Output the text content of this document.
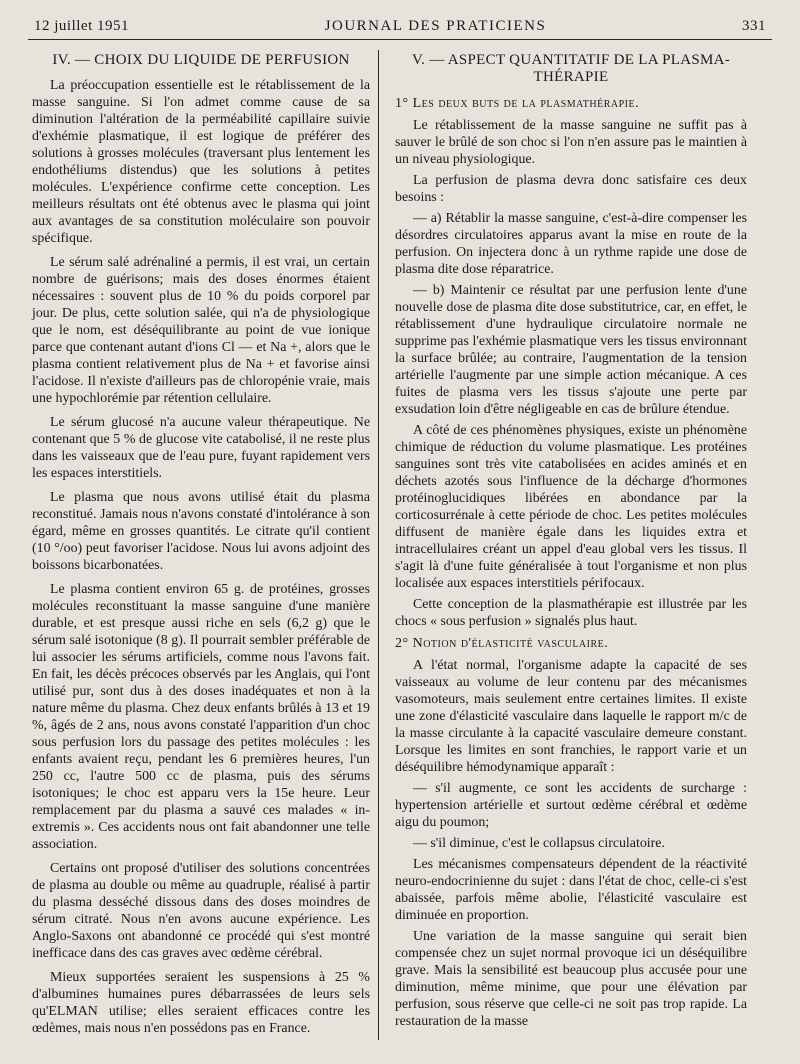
12 juillet 1951	JOURNAL DES PRATICIENS	331
IV. — CHOIX DU LIQUIDE DE PERFUSION

La préoccupation essentielle est le rétablissement de la masse sanguine. Si l'on admet comme cause de sa diminution l'altération de la perméabilité capillaire suivie d'exhémie plasmatique, il est logique de préférer des solutions à grosses molécules (traversant plus lentement les endothéliums distendus) que les solutions à petites molécules. L'expérience confirme cette conception. Les meilleurs résultats ont été obtenus avec le plasma qui joint aux avantages de sa constitution moléculaire son pouvoir spécifique.

Le sérum salé adrénaliné a permis, il est vrai, un certain nombre de guérisons; mais des doses énormes étaient nécessaires : souvent plus de 10 % du poids corporel par jour. De plus, cette solution salée, qui n'a de physiologique que le nom, est déséquilibrante au point de vue ionique parce que contenant autant d'ions Cl — et Na +, alors que le plasma contient relativement plus de Na + et favorise ainsi l'acidose. Il n'existe d'ailleurs pas de chloropénie vraie, mais une hypochlorémie par rétention cellulaire.

Le sérum glucosé n'a aucune valeur thérapeutique. Ne contenant que 5 % de glucose vite catabolisé, il ne reste plus dans les vaisseaux que de l'eau pure, fuyant rapidement vers les espaces interstitiels.

Le plasma que nous avons utilisé était du plasma reconstitué. Jamais nous n'avons constaté d'intolérance à son égard, même en grosses quantités. Le citrate qu'il contient (10 °/oo) peut favoriser l'acidose. Nous lui avons adjoint des boissons bicarbonatées.

Le plasma contient environ 65 g. de protéines, grosses molécules reconstituant la masse sanguine d'une manière durable, et est presque aussi riche en sels (6,2 g) que le sérum salé isotonique (8 g). Il pourrait sembler préférable de lui associer les sérums artificiels, comme nous l'avons fait. En fait, les décès précoces observés par les Anglais, qui l'ont utilisé pur, sont dus à des doses inadéquates et non à la nature même du plasma. Chez deux enfants brûlés à 13 et 19 %, âgés de 2 ans, nous avons constaté l'apparition d'un choc sous perfusion lors du passage des petites molécules : les enfants avaient reçu, pendant les 6 premières heures, l'un 250 cc, l'autre 500 cc de plasma, puis des sérums isotoniques; le choc est apparu vers la 15e heure. Leur remplacement par du plasma a sauvé ces malades « in-extremis ». Ces accidents nous ont fait abandonner une telle association.

Certains ont proposé d'utiliser des solutions concentrées de plasma au double ou même au quadruple, réalisé à partir du plasma desséché dissous dans des doses moindres de sérum citraté. Nous n'en avons aucune expérience. Les Anglo-Saxons ont abandonné ce procédé qui s'est montré inefficace dans des cas graves avec œdème cérébral.

Mieux supportées seraient les suspensions à 25 % d'albumines humaines pures débarrassées de leurs sels qu'ELMAN utilise; elles seraient efficaces contre les œdèmes, mais nous n'en possédons pas en France.

V. — ASPECT QUANTITATIF DE LA PLASMA-
THÉRAPIE
1° Les deux buts de la plasmathérapie.

Le rétablissement de la masse sanguine ne suffit pas à sauver le brûlé de son choc si l'on n'en assure pas le maintien à un niveau physiologique.

La perfusion de plasma devra donc satisfaire ces deux besoins :

— a) Rétablir la masse sanguine, c'est-à-dire compenser les désordres circulatoires apparus avant la mise en route de la perfusion. On injectera donc à un rythme rapide une dose de plasma dite dose réparatrice.

— b) Maintenir ce résultat par une perfusion lente d'une nouvelle dose de plasma dite dose substitutrice, car, en effet, le rétablissement d'une hydraulique circulatoire normale ne supprime pas l'exhémie plasmatique vers les tissus environnant la surface brûlée; au contraire, l'augmentation de la tension artérielle l'augmente par une simple action mécanique. A ces fuites de plasma vers les tissus s'ajoute une perte par exsudation loin d'être négligeable en cas de brûlure étendue.

A côté de ces phénomènes physiques, existe un phénomène chimique de réduction du volume plasmatique. Les protéines sanguines sont très vite catabolisées en acides aminés et en déchets azotés sous l'influence de la décharge d'hormones protéinoglucidiques libérées en abondance par la corticosurrénale à cette période de choc. Les petites molécules diffusent de manière égale dans les liquides extra et intracellulaires créant un appel d'eau global vers les tissus. Il s'agit là d'une fuite généralisée à tout l'organisme et non plus localisée aux espaces interstitiels périfocaux.

Cette conception de la plasmathérapie est illustrée par les chocs « sous perfusion » signalés plus haut.

2° Notion d'élasticité vasculaire.

A l'état normal, l'organisme adapte la capacité de ses vaisseaux au volume de leur contenu par des mécanismes vasomoteurs, mais seulement entre certaines limites. Il existe une zone d'élasticité vasculaire dans laquelle le rapport m/c de la masse circulante à la capacité vasculaire demeure constant. Lorsque les limites en sont franchies, le rapport varie et un déséquilibre hémodynamique apparaît :

— s'il augmente, ce sont les accidents de surcharge : hypertension artérielle et surtout œdème cérébral et œdème aigu du poumon;

— s'il diminue, c'est le collapsus circulatoire.

Les mécanismes compensateurs dépendent de la réactivité neuro-endocrinienne du sujet : dans l'état de choc, celle-ci s'est abaissée, parfois même abolie, l'élasticité vasculaire est diminuée en proportion.

Une variation de la masse sanguine qui serait bien compensée chez un sujet normal provoque ici un déséquilibre grave. Mais la sensibilité est beaucoup plus accusée pour une diminution, même minime, que pour une élévation par perfusion, sous réserve que celle-ci ne soit pas trop rapide. La restauration de la masse
